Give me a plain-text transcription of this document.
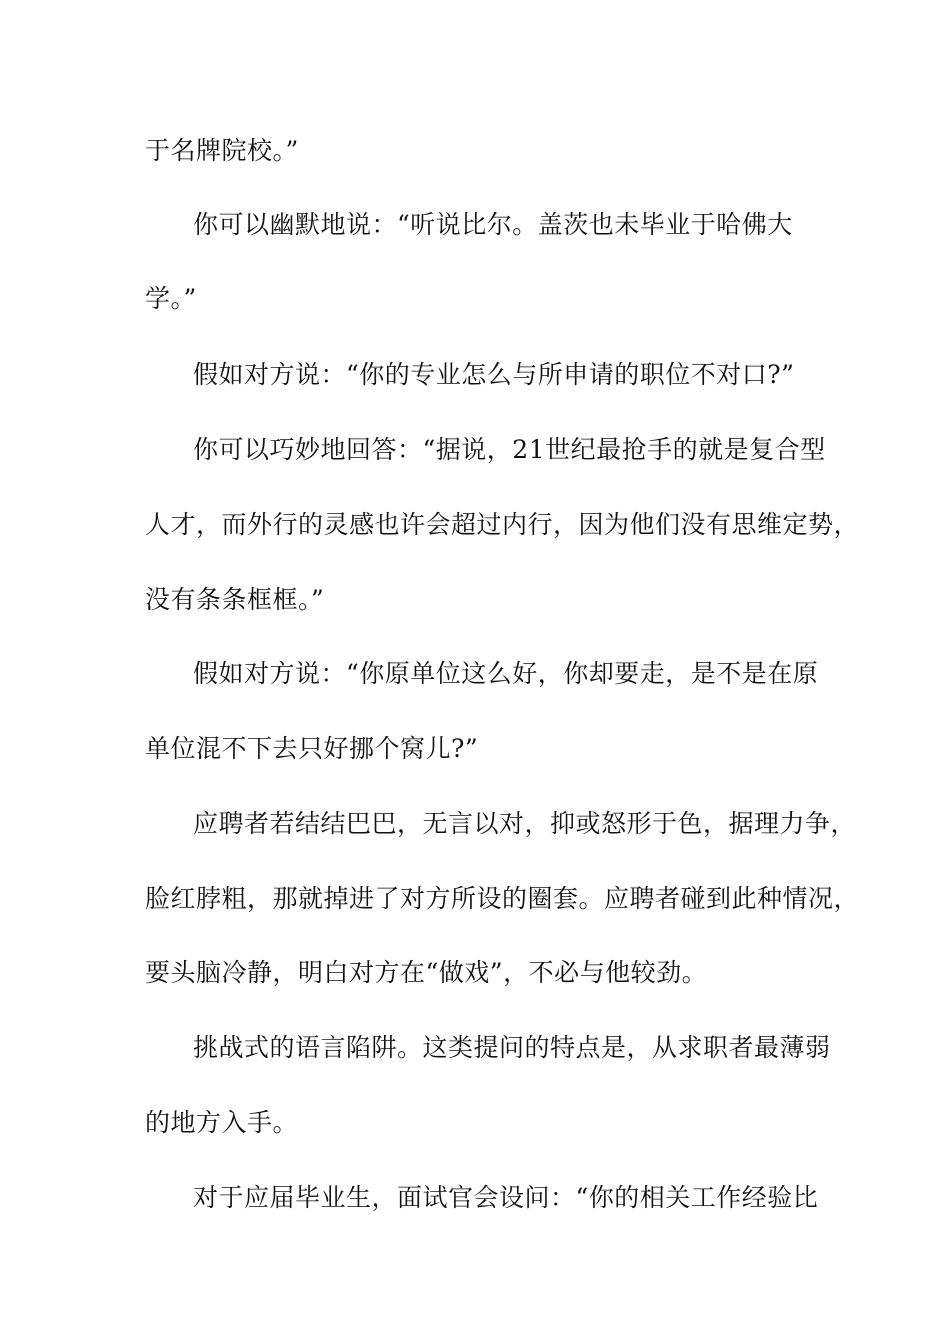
于名牌院校。”
你可以幽默地说：“听说比尔。盖茨也未毕业于哈佛大
学。”
假如对方说：“你的专业怎么与所申请的职位不对口?”
你可以巧妙地回答：“据说，21世纪最抢手的就是复合型
人才，而外行的灵感也许会超过内行，因为他们没有思维定势，
没有条条框框。”
假如对方说：“你原单位这么好，你却要走，是不是在原
单位混不下去只好挪个窝儿?”
应聘者若结结巴巴，无言以对，抑或怒形于色，据理力争，
脸红脖粗，那就掉进了对方所设的圈套。应聘者碰到此种情况，
要头脑冷静，明白对方在“做戏”，不必与他较劲。
挑战式的语言陷阱。这类提问的特点是，从求职者最薄弱
的地方入手。
对于应届毕业生，面试官会设问：“你的相关工作经验比
